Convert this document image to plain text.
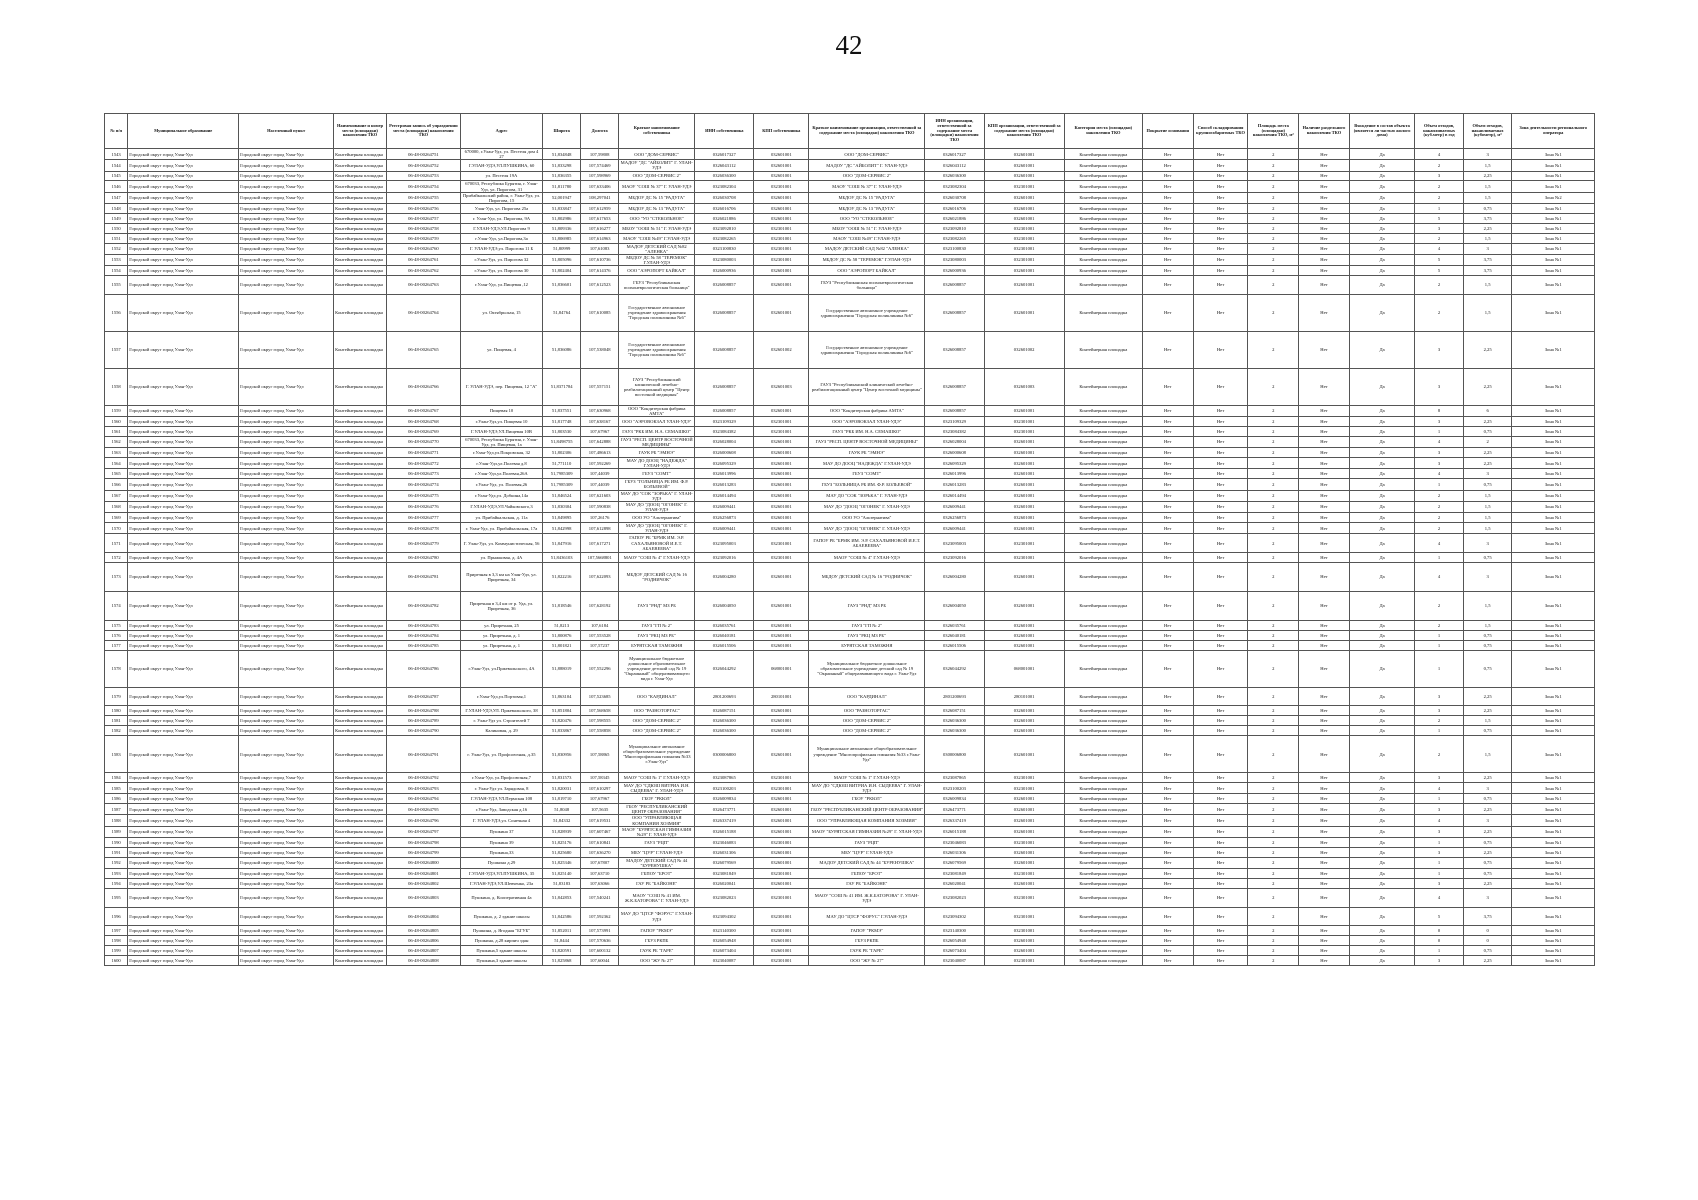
42
№ п/п	Муниципальное образование	Населенный пункт	Наименование и номер места (площадки) накопления ТКО	Реестровая запись об упразднении места (площадки) накопления ТКО	Адрес	Широта	Долгота	Краткое наименование собственника	ИНН собственника	КПП собственника	Краткое наименование организации, ответственной за содержание места (площадки) накопления ТКО	ИНН организации, ответственной за содержание места (площадки) накопления ТКО	КПП организации, ответственной за содержание места (площадки) накопления ТКО	Категория места (площадки) накопления ТКО	Покрытие основания	Способ складирования крупногабаритных ТКО	Площадь места (площадки) накопления ТКО, м²	Наличие раздельного накопления ТКО	Вхождение в состав объекта (является ли частью жилого дома)	Объем отходов, накапливаемых (куб.метр) в год	Объем отходов, накапливаемых (кубометр), м³	Зона деятельности регионального оператора
1543	Городской округ город Улан-Удэ	Городской округ город Улан-Удэ	Контейнерная площадка	06-48-00264751	670000, г.Улан-Удэ, ул. Пестеля дом 4 27	51,834848	107,59808	ООО "ДОМ-СЕРВИС"	0326017327	032601001	ООО "ДОМ-СЕРВИС"	0326017327	032601001	Контейнерная площадка	Нет	Нет	2	Нет	Да	4	3	Зона №1
1544	Городской округ город Улан-Удэ	Городской округ город Улан-Удэ	Контейнерная площадка	06-48-00264752	Г.УЛАН-УДЭ,УЛ.ПУШКИНА, 60	51,833298	107,574469	МАДОУ "ДС "АЙБОЛИТ" Г. УЛАН-УДЭ	0326043112	032601001	МАДОУ "ДС "АЙБОЛИТ" Г. УЛАН-УДЭ	0326043112	032601001	Контейнерная площадка	Нет	Нет	2	Нет	Да	2	1,5	Зона №1
1545	Городской округ город Улан-Удэ	Городской округ город Улан-Удэ	Контейнерная площадка	06-48-00264753	ул. Пестеля 19А	51,836355	107,598969	ООО "ДОМ-СЕРВИС 2"	0326036300	032601001	ООО "ДОМ-СЕРВИС 2"	0326036300	032601001	Контейнерная площадка	Нет	Нет	2	Нет	Да	3	2,25	Зона №1
1546	Городской округ город Улан-Удэ	Городской округ город Улан-Удэ	Контейнерная площадка	06-48-00264754	670033, Республика Бурятия, г. Улан-Удэ, ул. Пирогова, 31	51,811780	107,633406	МАОУ "СОШ № 37" Г. УЛАН-УДЭ	0323082304	032301001	МАОУ "СОШ № 37" Г. УЛАН-УДЭ	0323082304	032301001	Контейнерная площадка	Нет	Нет	2	Нет	Да	2	1,5	Зона №1
1547	Городской округ город Улан-Удэ	Городской округ город Улан-Удэ	Контейнерная площадка	06-48-00264755	Прибайкальский район, г. Улан-Удэ, ул. Пирогова, 15	52,001947	108,297041	МБДОУ ДС № 15 "РАДУГА"	0326030708	032601001	МБДОУ ДС № 15 "РАДУГА"	0326030708	032601001	Контейнерная площадка	Нет	Нет	2	Нет	Да	2	1,5	Зона №2
1548	Городской округ город Улан-Удэ	Городской округ город Улан-Удэ	Контейнерная площадка	06-48-00264756	Улан-Удэ, ул. Пирогова 25а	51,833847	107,612959	МБДОУ ДС № 13 "РАДУГА"	0326016706	032601001	МБДОУ ДС № 13 "РАДУГА"	0326016706	032601001	Контейнерная площадка	Нет	Нет	2	Нет	Да	1	0,75	Зона №1
1549	Городской округ город Улан-Удэ	Городской округ город Улан-Удэ	Контейнерная площадка	06-48-00264757	г. Улан-Удэ, ул. Пирогова, 9А	51,802986	107,617653	ООО "УО "СТЕКОЛЬНОЕ"	0326021886	032601001	ООО "УО "СТЕКОЛЬНОЕ"	0326021886	032601001	Контейнерная площадка	Нет	Нет	2	Нет	Да	5	3,75	Зона №1
1550	Городской округ город Улан-Удэ	Городской округ город Улан-Удэ	Контейнерная площадка	06-48-00264758	Г.УЛАН-УДЭ,УЛ.Пирогова 9	51,809336	107,616277	МБОУ "ООШ № 51" Г. УЛАН-УДЭ	0323092810	032301001	МБОУ "ООШ № 51" Г. УЛАН-УДЭ	0323092810	032301001	Контейнерная площадка	Нет	Нет	2	Нет	Да	3	2,25	Зона №1
1551	Городской округ город Улан-Удэ	Городской округ город Улан-Удэ	Контейнерная площадка	06-48-00264759	г.Улан-Удэ, ул.Пирогова,3а	51,806985	107,614963	МАОУ "СОШ №49" Г.УЛАН-УДЭ	0323082265	032301001	МАОУ "СОШ №49" Г.УЛАН-УДЭ	0323082265	032301001	Контейнерная площадка	Нет	Нет	2	Нет	Да	2	1,5	Зона №1
1552	Городской округ город Улан-Удэ	Городской округ город Улан-Удэ	Контейнерная площадка	06-48-00264760	Г. УЛАН-УДЭ,ул. Пирогова 11 Б	51,80999	107,61083	МАДОУ ДЕТСКИЙ САД №82 "АЛЕНКА"	0323100830	032301001	МАДОУ ДЕТСКИЙ САД №82 "АЛЕНКА"	0323100830	032301001	Контейнерная площадка	Нет	Нет	2	Нет	Да	4	3	Зона №1
1553	Городской округ город Улан-Удэ	Городской округ город Улан-Удэ	Контейнерная площадка	06-48-00264761	г.Улан-Удэ, ул. Пирогова 32	51,805096	107,610736	МБДОУ ДС № 58 "ТЕРЕМОК" Г.УЛАН-УДЭ	0323080003	032301001	МБДОУ ДС № 58 "ТЕРЕМОК" Г.УЛАН-УДЭ	0323080003	032301001	Контейнерная площадка	Нет	Нет	2	Нет	Да	5	3,75	Зона №1
1554	Городской округ город Улан-Удэ	Городской округ город Улан-Удэ	Контейнерная площадка	06-48-00264762	г.Улан-Удэ, ул. Пирогова 30	51,802404	107,614376	ООО "АЭРОПОРТ БАЙКАЛ"	0326000936	032601001	ООО "АЭРОПОРТ БАЙКАЛ"	0326000936	032601001	Контейнерная площадка	Нет	Нет	2	Нет	Да	5	3,75	Зона №1
1555	Городской округ город Улан-Удэ	Городской округ город Улан-Удэ	Контейнерная площадка	06-48-00264763	г.Улан-Удэ, ул.Пищевая ,12	51,836601	107,612523	ГБУЗ "Республиканская психоневрологическая больница"	0326008857	032601001	ГБУЗ "Республиканская психоневрологическая больница"	0326008857	032601001	Контейнерная площадка	Нет	Нет	2	Нет	Да	2	1,5	Зона №1
1556	Городской округ город Улан-Удэ	Городской округ город Улан-Удэ	Контейнерная площадка	06-48-00264764	ул. Октябрьская, 15	51,84764	107,610085	Государственное автономное учреждение здравоохранения "Городская поликлиника №6"	0326008857	032601001	Государственное автономное учреждение здравоохранения "Городская поликлиника №6"	0326008857	032601001	Контейнерная площадка	Нет	Нет	2	Нет	Да	2	1,5	Зона №1
1557	Городской округ город Улан-Удэ	Городской округ город Улан-Удэ	Контейнерная площадка	06-48-00264765	ул. Пищевая, 4	51,836086	107,538048	Государственное автономное учреждение здравоохранения "Городская поликлиника №6"	0326008857	032601002	Государственное автономное учреждение здравоохранения "Городская поликлиника №6"	0326008857	032601002	Контейнерная площадка	Нет	Нет	2	Нет	Да	3	2,25	Зона №1
1558	Городской округ город Улан-Удэ	Городской округ город Улан-Удэ	Контейнерная площадка	06-48-00264766	Г. УЛАН-УДЭ, пер. Пищевая, 12 "А"	51,8371784	107,557151	ГАУЗ "Республиканский клинический лечебно-реабилитационный центр "Центр восточной медицины"	0326008857	032601003	ГАУЗ "Республиканский клинический лечебно-реабилитационный центр "Центр восточной медицины"	0326008857	032601003	Контейнерная площадка	Нет	Нет	2	Нет	Да	3	2,25	Зона №1
1559	Городской округ город Улан-Удэ	Городской округ город Улан-Удэ	Контейнерная площадка	06-48-00264767	Пищевая 10	51,837551	107,630968	ООО "Кондитерская фабрика АМТА"	0326008857	032601001	ООО "Кондитерская фабрика АМТА"	0326008857	032601001	Контейнерная площадка	Нет	Нет	2	Нет	Да	8	6	Зона №1
1560	Городской округ город Улан-Удэ	Городской округ город Улан-Удэ	Контейнерная площадка	06-48-00264768	г.Улан-Удэ,ул. Пищевая 10	51,817748	107,638167	ООО "АЭРОВОКЗАЛ УЛАН-УДЭ"	0323109329	032301001	ООО "АЭРОВОКЗАЛ УЛАН-УДЭ"	0323109329	032301001	Контейнерная площадка	Нет	Нет	2	Нет	Да	3	2,25	Зона №1
1561	Городской округ город Улан-Удэ	Городской округ город Улан-Удэ	Контейнерная площадка	06-48-00264769	Г.УЛАН-УДЭ,УЛ.Пищевая 10В	51,803530	107,67967	ГАУЗ "РКБ ИМ. Н.А. СЕМАШКО"	0323084382	032301001	ГАУЗ "РКБ ИМ. Н.А. СЕМАШКО"	0323084382	032301001	Контейнерная площадка	Нет	Нет	2	Нет	Да	1	0,75	Зона №1
1562	Городской округ город Улан-Удэ	Городской округ город Улан-Удэ	Контейнерная площадка	06-48-00264770	670033, Республика Бурятия, г. Улан-Удэ, ул. Пищевая, 1а	51,8498755	107,642888	ГАУЗ "РЕСП. ЦЕНТР ВОСТОЧНОЙ МЕДИЦИНЫ"	0326028004	032601001	ГАУЗ "РЕСП. ЦЕНТР ВОСТОЧНОЙ МЕДИЦИНЫ"	0326028004	032601001	Контейнерная площадка	Нет	Нет	2	Нет	Да	4	2	Зона №1
1563	Городской округ город Улан-Удэ	Городской округ город Улан-Удэ	Контейнерная площадка	06-48-00264771	г.Улан-Удэ,ул.Покровская, 32	51,802306	107,486613	ГАУК РБ "ЭМНЭ"	0326000608	032601001	ГАУК РБ "ЭМНЭ"	0326000608	032601001	Контейнерная площадка	Нет	Нет	2	Нет	Да	3	2,25	Зона №1
1564	Городской округ город Улан-Удэ	Городской округ город Улан-Удэ	Контейнерная площадка	06-48-00264772	г.Улан-Удэ,ул.Полевая д.8	51,771110	107,592269	МАУ ДО ДООЦ "НАДЕЖДА" Г.УЛАН-УДЭ	0326095329	032601001	МАУ ДО ДООЦ "НАДЕЖДА" Г.УЛАН-УДЭ	0326095329	032601001	Контейнерная площадка	Нет	Нет	2	Нет	Да	3	2,25	Зона №1
1565	Городской округ город Улан-Удэ	Городской округ город Улан-Удэ	Контейнерная площадка	06-48-00264773	г.Улан-Удэ,ул.Полевая,26А	51,7985309	107,44039	ГБУЗ "СОМТ"	0326013996	032601001	ГБУЗ "СОМТ"	0326013996	032601001	Контейнерная площадка	Нет	Нет	2	Нет	Да	4	3	Зона №1
1566	Городской округ город Улан-Удэ	Городской округ город Улан-Удэ	Контейнерная площадка	06-48-00264774	г.Улан-Удэ, ул. Полевая,26	51,7985309	107,44039	ГБУЗ "ГОЛЬНИЦА РБ ИМ. Ф.Р. БОЛЬЕВОЙ"	0326013283	032601001	ГБУЗ "БОЛЬНИЦА РБ ИМ. Ф.Р. БОЛЬЕВОЙ"	0326013283	032601001	Контейнерная площадка	Нет	Нет	2	Нет	Да	1	0,75	Зона №1
1567	Городской округ город Улан-Удэ	Городской округ город Улан-Удэ	Контейнерная площадка	06-48-00264775	г.Улан-Удэ,ул. Добкина,14а	51,846524	107,621603	МАУ ДО "СОК "ЗОРЬКА" Г. УЛАН-УДЭ	0326014494	032601001	МАУ ДО "СОК "ЗОРЬКА" Г. УЛАН-УДЭ	0326014494	032601001	Контейнерная площадка	Нет	Нет	2	Нет	Да	2	1,5	Зона №1
1568	Городской округ город Улан-Удэ	Городской округ город Улан-Удэ	Контейнерная площадка	06-48-00264776	Г.УЛАН-УДЭ,УЛ.Чайковского,3	51,830304	107,590838	МАУ ДО "ДООЦ "ОГОНЕК" Г. УЛАН-УДЭ	0326009441	032601001	МАУ ДО "ДООЦ "ОГОНЕК" Г. УЛАН-УДЭ	0326009441	032601001	Контейнерная площадка	Нет	Нет	2	Нет	Да	2	1,5	Зона №1
1569	Городской округ город Улан-Удэ	Городской округ город Улан-Удэ	Контейнерная площадка	06-48-00264777	ул. Прибайкальская, д. 11а	51,849895	107,26176	ООО УО "Альтернатива"	0326256873	032601001	ООО УО "Альтернатива"	0326256873	032601001	Контейнерная площадка	Нет	Нет	2	Нет	Да	2	1,5	Зона №1
1570	Городской округ город Улан-Удэ	Городской округ город Улан-Удэ	Контейнерная площадка	06-48-00264778	г. Улан-Удэ, ул. Прибайкальская, 17а	51,842998	107,612898	МАУ ДО "ДООЦ "ОГОНЕК" Г. УЛАН-УДЭ	0326009441	032601001	МАУ ДО "ДООЦ "ОГОНЕК" Г. УЛАН-УДЭ	0326009441	032601001	Контейнерная площадка	Нет	Нет	2	Нет	Да	2	1,5	Зона №1
1571	Городской округ город Улан-Удэ	Городской округ город Улан-Удэ	Контейнерная площадка	06-48-00264779	Г. Улан-Удэ, ул. Коммунистическая, 56	51,847916	107,617271	ГАПОУ РБ "БРМК ИМ. Э.Р. САХАЛЬЯНОВОЙ И.Е.Т. АБАЕВЕЕВА"	0323095003	032301001	ГАПОУ РБ "БРМК ИМ. Э.Р. САХАЛЬЯНОВОЙ И.Е.Т. АБАЕВЕЕВА"	0323095003	032301001	Контейнерная площадка	Нет	Нет	2	Нет	Да	4	3	Зона №1
1572	Городской округ город Улан-Удэ	Городской округ город Улан-Удэ	Контейнерная площадка	06-48-00264780	ул. Прыжковая, д. 4А	51,8436103	107,5668801	МАОУ "СОШ № 4" Г.УЛАН-УДЭ	0323092016	032301001	МАОУ "СОШ № 4" Г.УЛАН-УДЭ	0323092016	032301001	Контейнерная площадка	Нет	Нет	2	Нет	Да	1	0,75	Зона №1
1573	Городской округ город Улан-Удэ	Городской округ город Улан-Удэ	Контейнерная площадка	06-48-00264781	Приречная в 3,3 км на Улан-Удэ, ул. Приречная, 34	51,822216	107,622093	МБДОУ ДЕТСКИЙ САД № 16 "РОДНИЧОК"	0326004280	032601001	МБДОУ ДЕТСКИЙ САД № 16 "РОДНИЧОК"	0326004280	032601001	Контейнерная площадка	Нет	Нет	2	Нет	Да	4	3	Зона №1
1574	Городской округ город Улан-Удэ	Городской округ город Улан-Удэ	Контейнерная площадка	06-48-00264782	Приречная в 3,4 км от р. Уда, ул. Приречная, 36	51,818546	107,628192	ГАУЗ "РНД" МЗ РБ	0326004050	032601001	ГАУЗ "РНД" МЗ РБ	0326004050	032601001	Контейнерная площадка	Нет	Нет	2	Нет	Да	2	1,5	Зона №1
1575	Городской округ город Улан-Удэ	Городской округ город Улан-Удэ	Контейнерная площадка	06-48-00264783	ул. Приречная, 25	51,8213	107,6184	ГАУЗ "ГП № 2"	0326035761	032601001	ГАУЗ "ГП № 2"	0326035761	032601001	Контейнерная площадка	Нет	Нет	2	Нет	Да	2	1,5	Зона №1
1576	Городской округ город Улан-Удэ	Городской округ город Улан-Удэ	Контейнерная площадка	06-48-00264784	ул. Приречная, д. 1	51,800876	107,553528	ГАУЗ "РКЦ МЗ РБ"	0326040181	032601001	ГАУЗ "РКЦ МЗ РБ"	0326040181	032601001	Контейнерная площадка	Нет	Нет	2	Нет	Да	1	0,75	Зона №1
1577	Городской округ город Улан-Удэ	Городской округ город Улан-Удэ	Контейнерная площадка	06-48-00264785	ул. Приречная, д. 1	51,801821	107,57237	БУРЯТСКАЯ ТАМОЖНЯ	0326015506	032601001	БУРЯТСКАЯ ТАМОЖНЯ	0326015506	032601001	Контейнерная площадка	Нет	Нет	2	Нет	Да	1	0,75	Зона №1
1578	Городской округ город Улан-Удэ	Городской округ город Улан-Удэ	Контейнерная площадка	06-48-00264786	г.Улан-Удэ, ул.Пржевальского, 4А	51,888019	107,552296	Муниципальное бюджетное дошкольное образовательное учреждение детский сад № 19 "Окраинный" общеразвивающего вида г. Улан-Удэ	0326044292	068001001	Муниципальное бюджетное дошкольное образовательное учреждение детский сад № 19 "Окраинный" общеразвивающего вида г. Улан-Удэ	0326044292	068001001	Контейнерная площадка	Нет	Нет	2	Нет	Да	1	0,75	Зона №1
1579	Городской округ город Улан-Удэ	Городской округ город Улан-Удэ	Контейнерная площадка	06-48-00264787	г.Улан-Удэ,ул.Портовая,1	51,863104	107,523685	ООО "КАРДИНАЛ"	2801200693	280101001	ООО "КАРДИНАЛ"	2801200693	280101001	Контейнерная площадка	Нет	Нет	2	Нет	Да	3	2,25	Зона №1
1580	Городской округ город Улан-Удэ	Городской округ город Улан-Удэ	Контейнерная площадка	06-48-00264788	Г.УЛАН-УДЭ,УЛ. Пржевальского, 38	51,851804	107,568658	ООО "РАЗНОТОРГАС"	0326087151	032601001	ООО "РАЗНОТОРГАС"	0326087151	032601001	Контейнерная площадка	Нет	Нет	2	Нет	Да	3	2,25	Зона №1
1581	Городской округ город Улан-Удэ	Городской округ город Улан-Удэ	Контейнерная площадка	06-48-00264789	г. Улан-Удэ ул. Строителей 7	51,820476	107,598555	ООО "ДОМ-СЕРВИС 2"	0326036300	032601001	ООО "ДОМ-СЕРВИС 2"	0326036300	032601001	Контейнерная площадка	Нет	Нет	2	Нет	Да	2	1,5	Зона №1
1582	Городской округ город Улан-Удэ	Городской округ город Улан-Удэ	Контейнерная площадка	06-48-00264790	Калиновая, д. 29	51,833867	107,558858	ООО "ДОМ-СЕРВИС 2"	0326036300	032601001	ООО "ДОМ-СЕРВИС 2"	0326036300	032601001	Контейнерная площадка	Нет	Нет	2	Нет	Да	1	0,75	Зона №1
1583	Городской округ город Улан-Удэ	Городской округ город Улан-Удэ	Контейнерная площадка	06-48-00264791	г. Улан-Удэ, ул. Профсоюзная, д.35	51,830956	107,58865	Муниципальное автономное общеобразовательное учреждение "Многопрофильная гимназия №33 г.Улан-Удэ"	0300006800	032601001	Муниципальное автономное общеобразовательное учреждение "Многопрофильная гимназия №33 г.Улан-Удэ"	0300006800	032601001	Контейнерная площадка	Нет	Нет	2	Нет	Да	2	1,5	Зона №1
1584	Городской округ город Улан-Удэ	Городской округ город Улан-Удэ	Контейнерная площадка	06-48-00264792	г.Улан-Удэ, ул.Профсоюзная,7	51,831573	107,58345	МАОУ "СОШ № 1" Г.УЛАН-УДЭ	0323087865	032301001	МАОУ "СОШ № 1" Г.УЛАН-УДЭ	0323087865	032301001	Контейнерная площадка	Нет	Нет	2	Нет	Да	3	2,25	Зона №1
1585	Городской округ город Улан-Удэ	Городской округ город Улан-Удэ	Контейнерная площадка	06-48-00264793	г. Улан-Удэ ул. Зарядовая, 8	51,820031	107,610297	МАУ ДО "СДЮШ ВИТРИА И.Н. СЫДЕЕВА" Г. УЛАН-УДЭ	0323100203	032301001	МАУ ДО "СДЮШ ВИТРИА И.Н. СЫДЕЕВА" Г. УЛАН-УДЭ	0323100203	032301001	Контейнерная площадка	Нет	Нет	2	Нет	Да	4	3	Зона №1
1586	Городской округ город Улан-Удэ	Городской округ город Улан-Удэ	Контейнерная площадка	06-48-00264794	Г.УЛАН-УДЭ,УЛ.Пермская 108	51,819710	107,67967	ГБОУ "РКЮЛ"	0326009834	032601001	ГБОУ "РКЮЛ"	0326009834	032601001	Контейнерная площадка	Нет	Нет	2	Нет	Да	1	0,75	Зона №1
1587	Городской округ город Улан-Удэ	Городской округ город Улан-Удэ	Контейнерная площадка	06-48-00264795	г.Улан-Удэ, Заводская д.16	51,8048	107,5635	ГБОУ "РЕСПУБЛИКАНСКИЙ ЦЕНТР ОБРАЗОВАНИЯ"	0326473771	032601001	ГБОУ "РЕСПУБЛИКАНСКИЙ ЦЕНТР ОБРАЗОВАНИЯ"	0326473771	032601001	Контейнерная площадка	Нет	Нет	2	Нет	Да	3	2,25	Зона №1
1588	Городской округ город Улан-Удэ	Городской округ город Улан-Удэ	Контейнерная площадка	06-48-00264796	Г. УЛАН-УДЭ,ул. Сонечная 4	51,84332	107,619531	ООО "УПРАВЛЯЮЩАЯ КОМПАНИЯ ХОЗМИЯ"	0326337419	032601001	ООО "УПРАВЛЯЮЩАЯ КОМПАНИЯ ХОЗМИЯ"	0326337419	032601001	Контейнерная площадка	Нет	Нет	2	Нет	Да	4	3	Зона №1
1589	Городской округ город Улан-Удэ	Городской округ город Улан-Удэ	Контейнерная площадка	06-48-00264797	Пушкина 37	51,828939	107,607467	МАОУ "БУРЯТСКАЯ ГИМНАЗИЯ №29" Г. УЛАН-УДЭ	0326015188	032601001	МАОУ "БУРЯТСКАЯ ГИМНАЗИЯ №29" Г. УЛАН-УДЭ	0326015188	032601001	Контейнерная площадка	Нет	Нет	2	Нет	Да	3	2,25	Зона №1
1590	Городской округ город Улан-Удэ	Городской округ город Улан-Удэ	Контейнерная площадка	06-48-00264798	Пушкина 39	51,825176	107,610841	ГАУЗ "РЦП"	0323046083	032301001	ГАУЗ "РЦП"	0323046083	032301001	Контейнерная площадка	Нет	Нет	2	Нет	Да	1	0,75	Зона №1
1591	Городской округ город Улан-Удэ	Городской округ город Улан-Удэ	Контейнерная площадка	06-48-00264799	Пушкина,33	51,825680	107,636270	МБУ "ЦУР" Г.УЛАН-УДЭ	0326031306	032601001	МБУ "ЦУР" Г.УЛАН-УДЭ	0326031306	032601001	Контейнерная площадка	Нет	Нет	2	Нет	Да	3	2,25	Зона №1
1592	Городской округ город Улан-Удэ	Городской округ город Улан-Удэ	Контейнерная площадка	06-48-00264800	Пушкина д.29	51,825346	107,67807	МАДОУ ДЕТСКИЙ САД № 44 "БУРЕНУШКА"	0326079569	032601001	МАДОУ ДЕТСКИЙ САД № 44 "БУРЕНУШКА"	0326079569	032601001	Контейнерная площадка	Нет	Нет	2	Нет	Да	1	0,75	Зона №1
1593	Городской округ город Улан-Удэ	Городской округ город Улан-Удэ	Контейнерная площадка	06-48-00264801	Г.УЛАН-УДЭ,УЛ.ПУШКИНА, 35	51,825140	107,63710	ГБПОУ "БРОТ"	0323081849	032301001	ГБПОУ "БРОТ"	0323081849	032301001	Контейнерная площадка	Нет	Нет	2	Нет	Да	1	0,75	Зона №1
1594	Городской округ город Улан-Удэ	Городской округ город Улан-Удэ	Контейнерная площадка	06-48-00264802	Г.УЛАН-УДЭ,УЛ.Шевченко, 23а	51,83183	107,63066	ГАУ РБ "БАЙКОНЕ"	0326020041	032601001	ГАУ РБ "БАЙКОНЕ"	0326020041	032601001	Контейнерная площадка	Нет	Нет	2	Нет	Да	3	2,25	Зона №1
1595	Городской округ город Улан-Удэ	Городской округ город Улан-Удэ	Контейнерная площадка	06-48-00264803	Пушкина, д. Кооперативная 4а	51,842853	107,540241	МАОУ "СОШ № 41 ИМ. Ж.К.БАТОРОВА" Г. УЛАН-УДЭ	0323082023	032301001	МАОУ "СОШ № 41 ИМ. Ж.К.БАТОРОВА" Г. УЛАН-УДЭ	0323082023	032301001	Контейнерная площадка	Нет	Нет	2	Нет	Да	4	3	Зона №1
1596	Городской округ город Улан-Удэ	Городской округ город Улан-Удэ	Контейнерная площадка	06-48-00264804	Пушкина, д. 2 здание школы	51,842586	107,592362	МАУ ДО "ЦТСР "ФОРУС" Г.УЛАН-УДЭ	0323094302	032301001	МАУ ДО "ЦТСР "ФОРУС" Г.УЛАН-УДЭ	0323094302	032301001	Контейнерная площадка	Нет	Нет	2	Нет	Да	5	3,75	Зона №1
1597	Городской округ город Улан-Удэ	Городской округ город Улан-Удэ	Контейнерная площадка	06-48-00264805	Пушкина, д. Ягодная "БГУБ"	51,852011	107,573991	ГАПОУ "РКМЭ"	0323140300	032301001	ГАПОУ "РКМЭ"	0323140300	032301001	Контейнерная площадка	Нет	Нет	2	Нет	Да	0	0	Зона №1
1598	Городской округ город Улан-Удэ	Городской округ город Улан-Удэ	Контейнерная площадка	06-48-00264806	Пушкина, д.28 кирпич здан	51,8444	107,570636	ГБУЗ РКПБ	0326054948	032601001	ГБУЗ РКПБ	0326054948	032601001	Контейнерная площадка	Нет	Нет	2	Нет	Да	0	0	Зона №1
1599	Городской округ город Улан-Удэ	Городской округ город Улан-Удэ	Контейнерная площадка	06-48-00264807	Пушкина,5 здание школы	51,820591	107,600132	ГАУК РБ "ГАРЕ"	0326073404	032601001	ГАУК РБ "ГАРЕ"	0326073404	032601001	Контейнерная площадка	Нет	Нет	2	Нет	Да	1	0,75	Зона №1
1600	Городской округ город Улан-Удэ	Городской округ город Улан-Удэ	Контейнерная площадка	06-48-00264808	Пушкина,3 здание школы	51,825868	107,60044	ООО "ЖУ № 27"	0323040087	032301001	ООО "ЖУ № 27"	0323040087	032301001	Контейнерная площадка	Нет	Нет	2	Нет	Да	3	2,25	Зона №1
